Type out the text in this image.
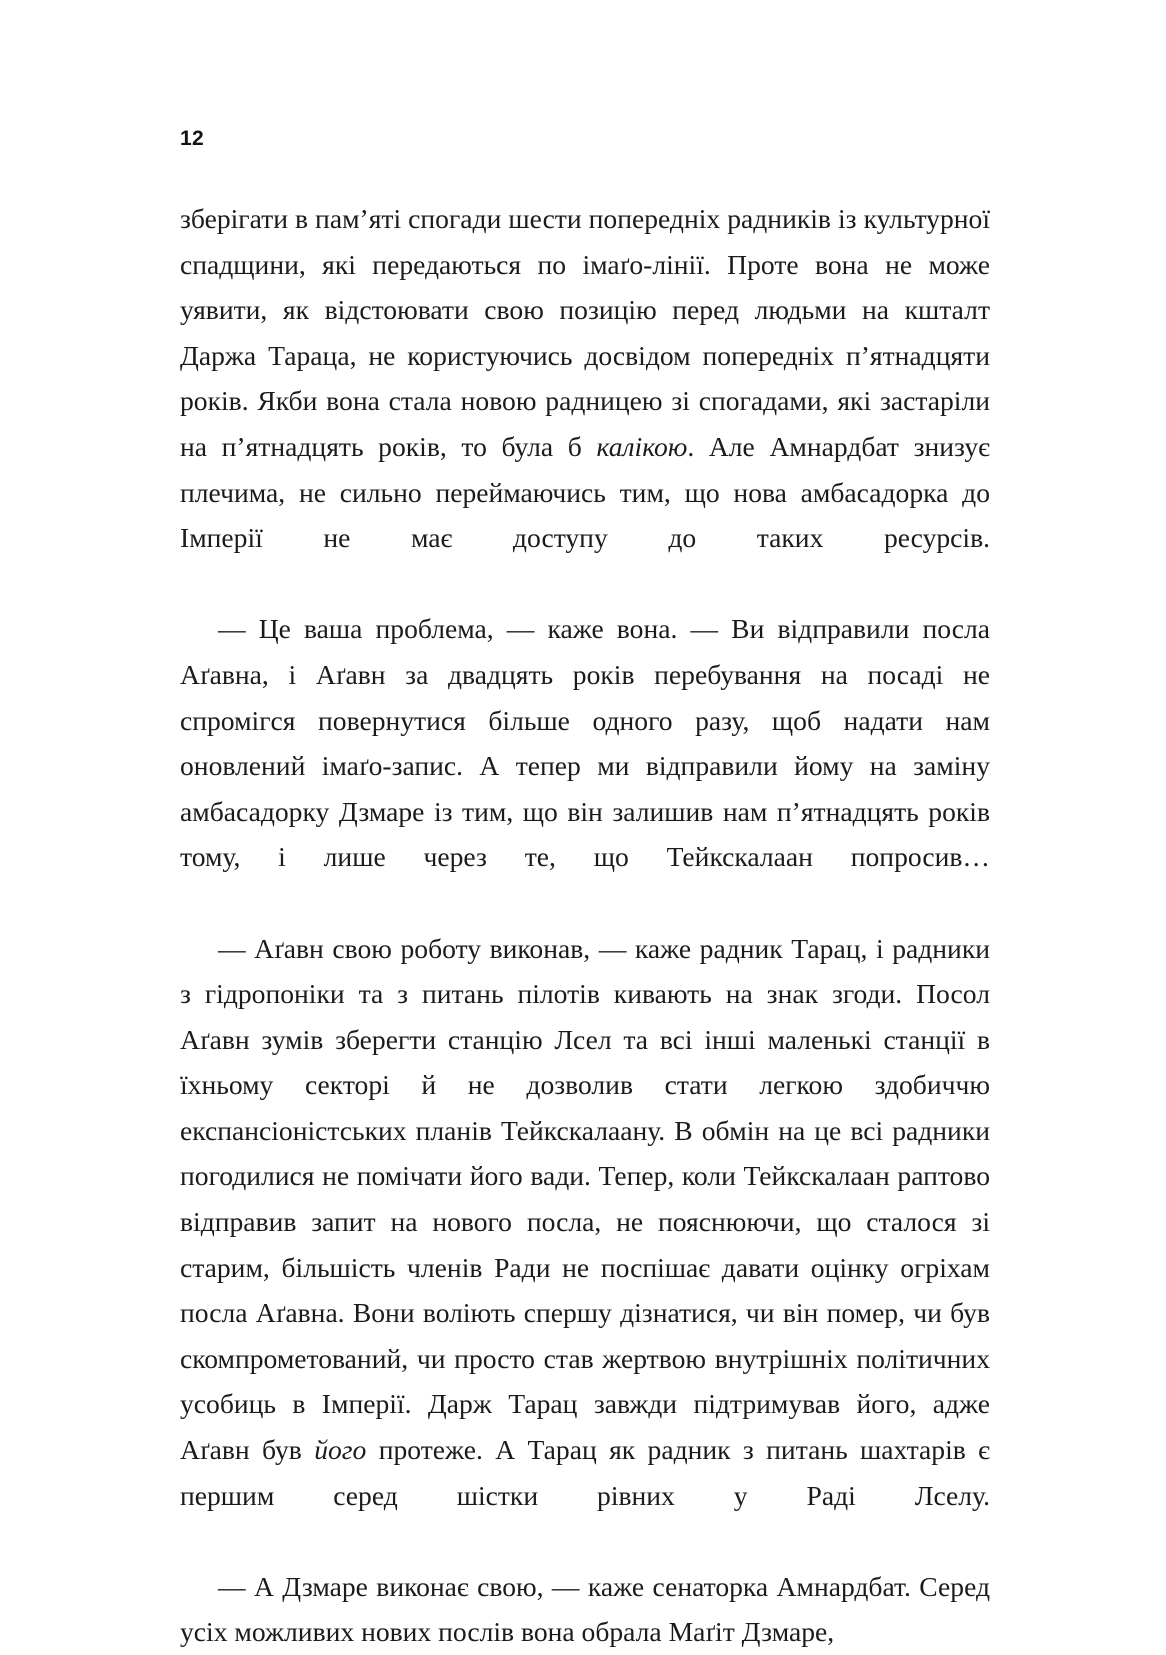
12

зберігати в пам’яті спогади шести попередніх радників із культурної спадщини, які передаються по імаґо-лінії. Проте вона не може уявити, як відстоювати свою позицію перед людьми на кшталт Даржа Тараца, не користуючись досвідом попередніх п’ятнадцяти років. Якби вона стала новою радницею зі спогадами, які застаріли на п’ятнадцять років, то була б калікою. Але Амнардбат знизує плечима, не сильно переймаючись тим, що нова амбасадорка до Імперії не має доступу до таких ресурсів.

— Це ваша проблема, — каже вона. — Ви відправили посла Аґавна, і Аґавн за двадцять років перебування на посаді не спромігся повернутися більше одного разу, щоб надати нам оновлений імаґо-запис. А тепер ми відправили йому на заміну амбасадорку Дзмаре із тим, що він залишив нам п’ятнадцять років тому, і лише через те, що Тейкскалаан попросив…

— Аґавн свою роботу виконав, — каже радник Тарац, і радники з гідропоніки та з питань пілотів кивають на знак згоди. Посол Аґавн зумів зберегти станцію Лсел та всі інші маленькі станції в їхньому секторі й не дозволив стати легкою здобиччю експансіоністських планів Тейкскалаану. В обмін на це всі радники погодилися не помічати його вади. Тепер, коли Тейкскалаан раптово відправив запит на нового посла, не пояснюючи, що сталося зі старим, більшість членів Ради не поспішає давати оцінку огріхам посла Аґавна. Вони воліють спершу дізнатися, чи він помер, чи був скомпрометований, чи просто став жертвою внутрішніх політичних усобиць в Імперії. Дарж Тарац завжди підтримував його, адже Аґавн був його протеже. А Тарац як радник з питань шахтарів є першим серед шістки рівних у Раді Лселу.

— А Дзмаре виконає свою, — каже сенаторка Амнардбат. Серед усіх можливих нових послів вона обрала Маґіт Дзмаре,
